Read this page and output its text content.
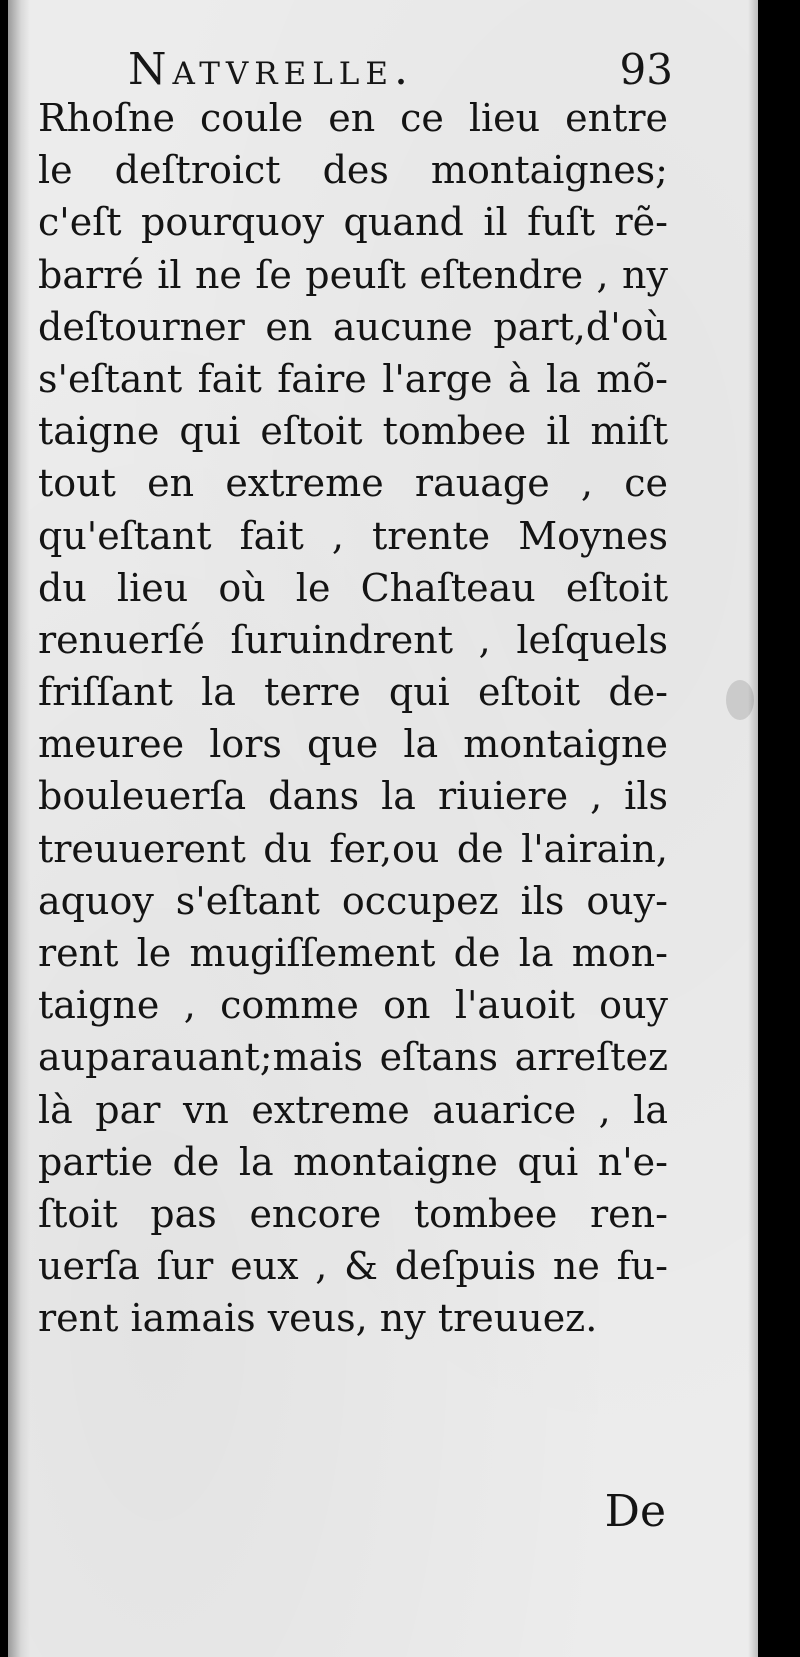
Natvrelle.	93
Rhoſne coule en ce lieu entre
le deſtroict des montaignes;
c'eſt pourquoy quand il fuſt rẽ-
barré il ne ſe peuſt eſtendre , ny
deſtourner en aucune part,d'où
s'eſtant fait faire l'arge à la mõ-
taigne qui eſtoit tombee il miſt
tout en extreme rauage , ce
qu'eſtant fait , trente Moynes
du lieu où le Chaſteau eſtoit
renuerſé ſuruindrent , leſquels
friſſant la terre qui eſtoit de-
meuree lors que la montaigne
bouleuerſa dans la riuiere , ils
treuuerent du fer,ou de l'airain,
aquoy s'eſtant occupez ils ouy-
rent le mugiſſement de la mon-
taigne , comme on l'auoit ouy
auparauant;mais eſtans arreſtez
là par vn extreme auarice , la
partie de la montaigne qui n'e-
ſtoit pas encore tombee ren-
uerſa ſur eux , & deſpuis ne fu-
rent iamais veus, ny treuuez.
De
